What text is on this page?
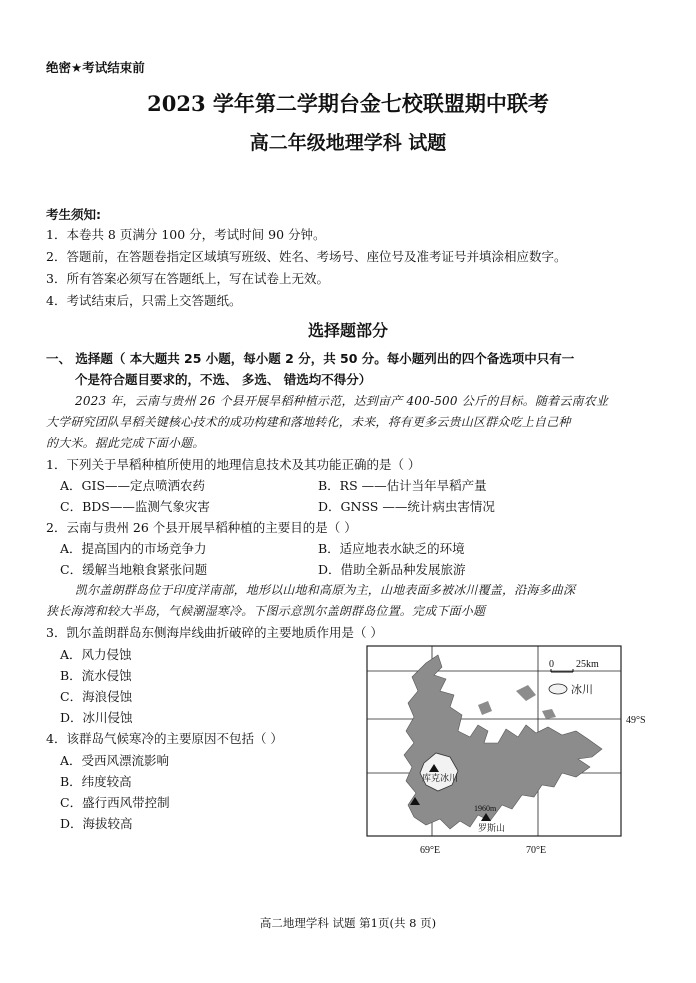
绝密★考试结束前
2023 学年第二学期台金七校联盟期中联考
高二年级地理学科 试题
考生须知:
1．本卷共 8 页满分 100 分，考试时间 90 分钟。
2．答题前，在答题卷指定区域填写班级、姓名、考场号、座位号及准考证号并填涂相应数字。
3．所有答案必须写在答题纸上，写在试卷上无效。
4．考试结束后，只需上交答题纸。
选择题部分
一、 选择题（ 本大题共 25 小题，每小题 2 分，共 50 分。每小题列出的四个备选项中只有一
个是符合题目要求的，不选、 多选、 错选均不得分）
2023 年，云南与贵州 26 个县开展旱稻种植示范，达到亩产 400-500 公斤的目标。随着云南农业
大学研究团队旱稻关键核心技术的成功构建和落地转化，未来，将有更多云贵山区群众吃上自己种
的大米。据此完成下面小题。
1．下列关于旱稻种植所使用的地理信息技术及其功能正确的是（ ）
A．GIS——定点喷洒农药	B．RS ——估计当年旱稻产量
C．BDS——监测气象灾害	D．GNSS ——统计病虫害情况
2．云南与贵州 26 个县开展旱稻种植的主要目的是（ ）
A．提高国内的市场竞争力	B．适应地表水缺乏的环境
C．缓解当地粮食紧张问题	D．借助全新品种发展旅游
凯尔盖朗群岛位于印度洋南部，地形以山地和高原为主，山地表面多被冰川覆盖，沿海多曲深
狭长海湾和较大半岛，气候潮湿寒冷。下图示意凯尔盖朗群岛位置。完成下面小题
3．凯尔盖朗群岛东侧海岸线曲折破碎的主要地质作用是（ ）
A．风力侵蚀
B．流水侵蚀
C．海浪侵蚀
D．冰川侵蚀
4．该群岛气候寒冷的主要原因不包括（ ）
A．受西风漂流影响
B．纬度较高
C．盛行西风带控制
D．海拔较高
库克冰川
1960m
罗斯山
0 25km
冰川
49°S
69°E	70°E
高二地理学科 试题 第1页(共 8 页)
